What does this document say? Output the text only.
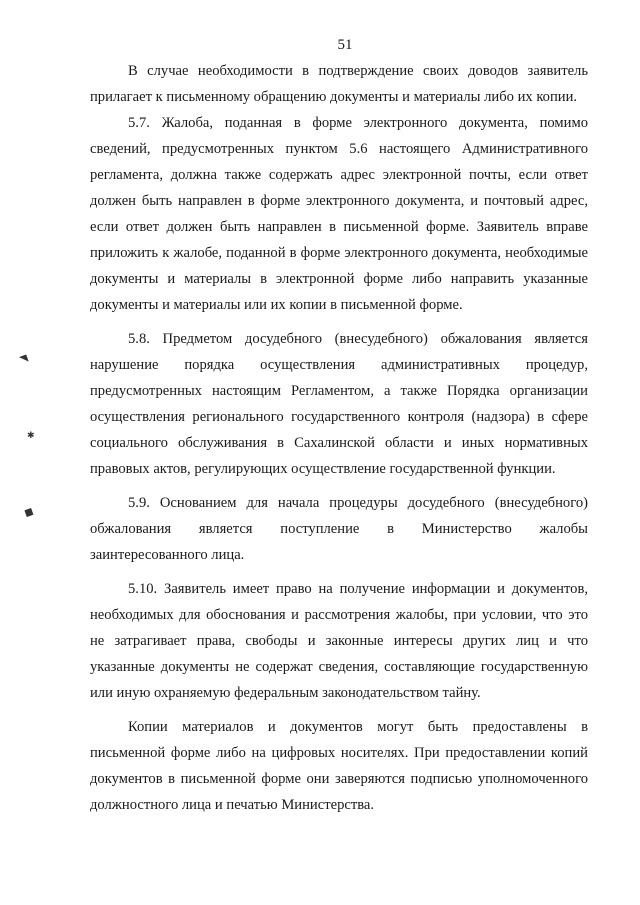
51
◥
✱
◆

В случае необходимости в подтверждение своих доводов заявитель прилагает к письменному обращению документы и материалы либо их копии.

5.7. Жалоба, поданная в форме электронного документа, помимо сведений, предусмотренных пунктом 5.6 настоящего Административного регламента, должна также содержать адрес электронной почты, если ответ должен быть направлен в форме электронного документа, и почтовый адрес, если ответ должен быть направлен в письменной форме. Заявитель вправе приложить к жалобе, поданной в форме электронного документа, необходимые документы и материалы в электронной форме либо направить указанные документы и материалы или их копии в письменной форме.

5.8. Предметом досудебного (внесудебного) обжалования является нарушение порядка осуществления административных процедур, предусмотренных настоящим Регламентом, а также Порядка организации осуществления регионального государственного контроля (надзора) в сфере социального обслуживания в Сахалинской области и иных нормативных правовых актов, регулирующих осуществление государственной функции.

5.9. Основанием для начала процедуры досудебного (внесудебного) обжалования является поступление в Министерство жалобы заинтересованного лица.

5.10. Заявитель имеет право на получение информации и документов, необходимых для обоснования и рассмотрения жалобы, при условии, что это не затрагивает права, свободы и законные интересы других лиц и что указанные документы не содержат сведения, составляющие государственную или иную охраняемую федеральным законодательством тайну.

Копии материалов и документов могут быть предоставлены в письменной форме либо на цифровых носителях. При предоставлении копий документов в письменной форме они заверяются подписью уполномоченного должностного лица и печатью Министерства.
